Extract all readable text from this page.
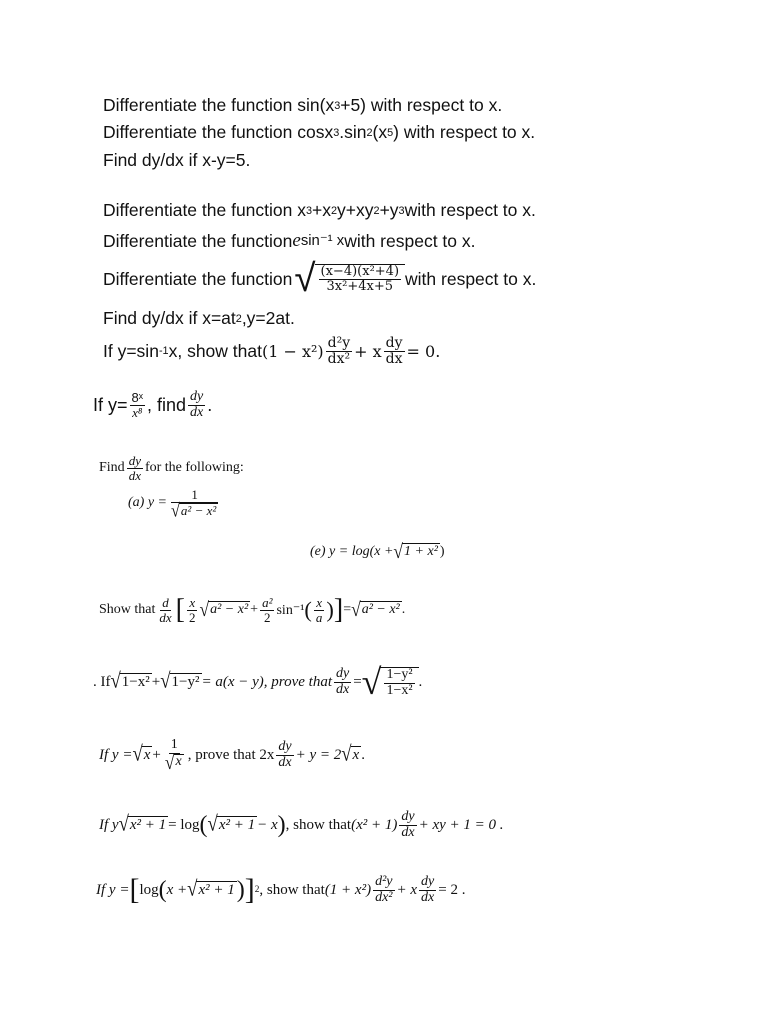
Differentiate the function sin(x 3 +5) with respect to x.
Differentiate the function cosx 3 .sin 2 (x 5 ) with respect to x.
Find dy/dx if x-y=5.
Differentiate the function x 3 +x 2 y+xy 2 +y 3 with respect to x.
Differentiate the function e sin⁻¹ x with respect to x.
Differentiate the function √ $\frac{\text{(x−4)(x²+4)}}{\text{3x²+4x+5}}$ with respect to x.
Find dy/dx if x=at 2 ,y=2at.
If y=sin -1 x, show that $(1 - x^2) \frac{\text{d²y}}{\text{dx²}} + x \frac{dy}{dx} = 0$.
If $y= \frac{\text{8ˣ}}{\text{x⁸}}$ , find $\frac{dy}{dx}$ .
Find $\frac{dy}{dx}$ for the following:
(a) $y = \frac{1}{\text{√ a² − x²}}$
(e) y = log(x + √ 1 + x² )
Show that $\frac{d}{dx}$ [ $\frac{x}{2}$ √ $a^2 - x^2 + \frac{\text{a²}}{2} \sin^{-1}$ ( $\frac{x}{a}$ ) ] = √ a² − x² .
. If √ 1−x² + √ 1−y² = a(x − y), prove that $\frac{dy}{dx}$ = √ $\frac{\text{1−y²}}{\text{1−x²}}$ .
If y = √ $x + \frac{1}{√ x}$ , prove that $2x \frac{dy}{dx} + y = 2$ √ x .
If y √ x² + 1 = log ( √ x² + 1 − x ) , show that $(x^2 + 1) \frac{dy}{dx}$ + xy + 1 = 0 .
If y = [ log ( x + √ x² + 1 ) ] 2 , show that $(1 + x^2) \frac{\text{d²y}}{\text{dx²}} + x \frac{dy}{dx} = 2$ .
